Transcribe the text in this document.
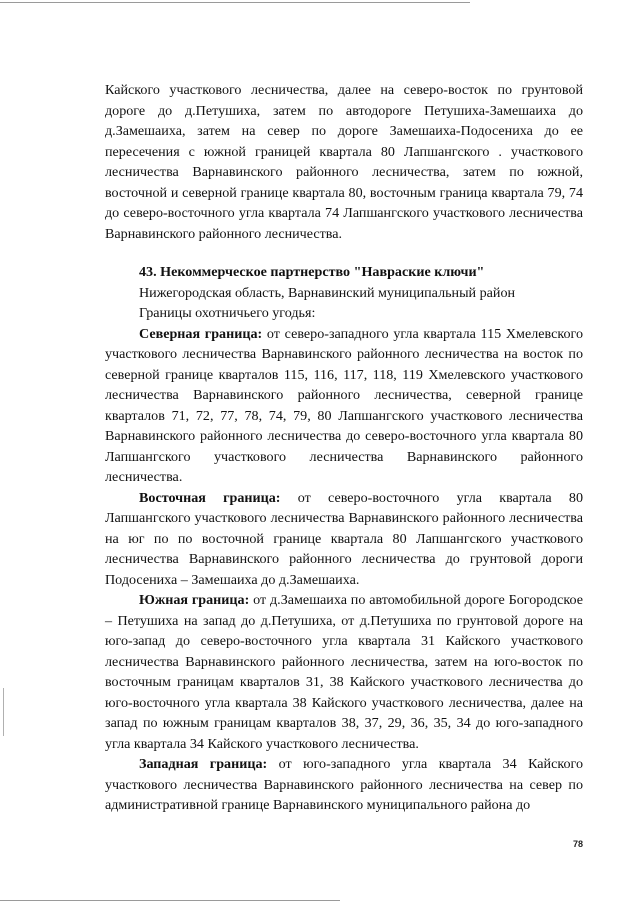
Кайского участкового лесничества, далее на северо-восток по грунтовой дороге до д.Петушиха, затем по автодороге Петушиха-Замешаиха до д.Замешаиха, затем на север по дороге Замешаиха-Подосениха до ее пересечения с южной границей квартала 80 Лапшангского . участкового лесничества Варнавинского районного лесничества, затем по южной, восточной и северной границе квартала 80, восточным граница квартала 79, 74 до северо-восточного угла квартала 74 Лапшангского участкового лесничества Варнавинского районного лесничества.

43. Некоммерческое партнерство "Навраские ключи"

Нижегородская область, Варнавинский муниципальный район

Границы охотничьего угодья:

Северная граница: от северо-западного угла квартала 115 Хмелевского участкового лесничества Варнавинского районного лесничества на восток по северной границе кварталов 115, 116, 117, 118, 119 Хмелевского участкового лесничества Варнавинского районного лесничества, северной границе кварталов 71, 72, 77, 78, 74, 79, 80 Лапшангского участкового лесничества Варнавинского районного лесничества до северо-восточного угла квартала 80 Лапшангского участкового лесничества Варнавинского районного лесничества.

Восточная граница: от северо-восточного угла квартала 80 Лапшангского участкового лесничества Варнавинского районного лесничества на юг по по восточной границе квартала 80 Лапшангского участкового лесничества Варнавинского районного лесничества до грунтовой дороги Подосениха – Замешаиха до д.Замешаиха.

Южная граница: от д.Замешаиха по автомобильной дороге Богородское – Петушиха на запад до д.Петушиха, от д.Петушиха по грунтовой дороге на юго-запад до северо-восточного угла квартала 31 Кайского участкового лесничества Варнавинского районного лесничества, затем на юго-восток по восточным границам кварталов 31, 38 Кайского участкового лесничества до юго-восточного угла квартала 38 Кайского участкового лесничества, далее на запад по южным границам кварталов 38, 37, 29, 36, 35, 34 до юго-западного угла квартала 34 Кайского участкового лесничества.

Западная граница: от юго-западного угла квартала 34 Кайского участкового лесничества Варнавинского районного лесничества на север по административной границе Варнавинского муниципального района до

78
